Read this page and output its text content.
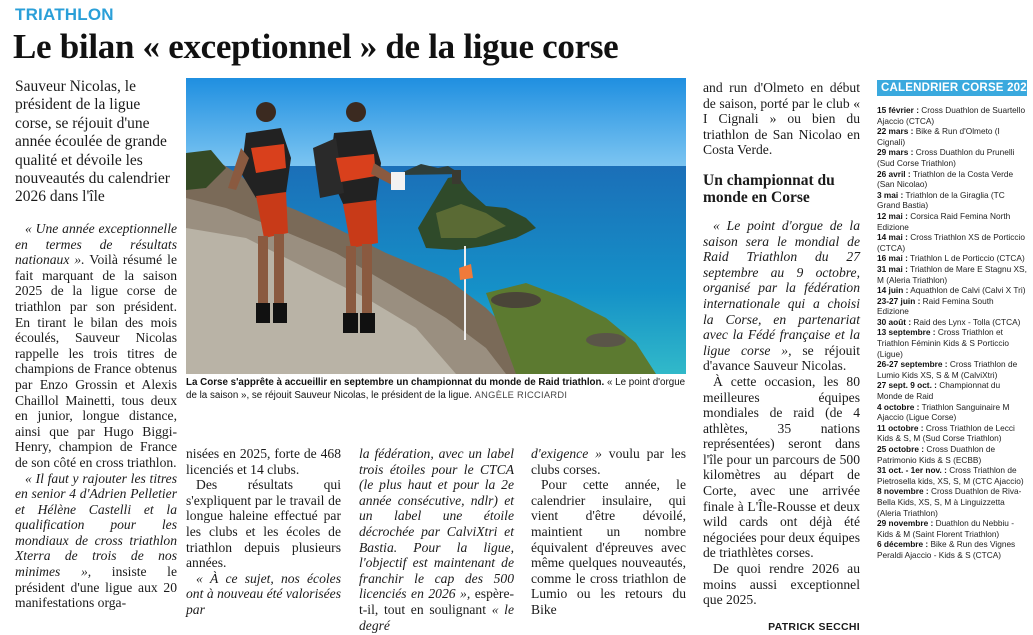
TRIATHLON
Le bilan « exceptionnel » de la ligue corse
Sauveur Nicolas, le président de la ligue corse, se réjouit d'une année écoulée de grande qualité et dévoile les nouveautés du calendrier 2026 dans l'île

« Une année exceptionnelle en termes de résultats nationaux ». Voilà résumé le fait marquant de la saison 2025 de la ligue corse de triathlon par son président. En tirant le bilan des mois écoulés, Sauveur Nicolas rappelle les trois titres de champions de France obtenus par Enzo Grossin et Alexis Chaillol Mainetti, tous deux en junior, longue distance, ainsi que par Hugo Biggi-Henry, champion de France de son côté en cross triathlon.

« Il faut y rajouter les titres en senior 4 d'Adrien Pelletier et Hélène Castelli et la qualification pour les mondiaux de cross triathlon Xterra de trois de nos minimes », insiste le président d'une ligue aux 20 manifestations orga-

La Corse s'apprête à accueillir en septembre un championnat du monde de Raid triathlon. « Le point d'orgue de la saison », se réjouit Sauveur Nicolas, le président de la ligue. ANGÈLE RICCIARDI

nisées en 2025, forte de 468 licenciés et 14 clubs.

Des résultats qui s'expliquent par le travail de longue haleine effectué par les clubs et les écoles de triathlon depuis plusieurs années.

« À ce sujet, nos écoles ont à nouveau été valorisées par

la fédération, avec un label trois étoiles pour le CTCA (le plus haut et pour la 2e année consécutive, ndlr) et un label une étoile décrochée par CalviXtri et Bastia. Pour la ligue, l'objectif est maintenant de franchir le cap des 500 licenciés en 2026 », espère-t-il, tout en soulignant « le degré

d'exigence » voulu par les clubs corses.

Pour cette année, le calendrier insulaire, qui vient d'être dévoilé, maintient un nombre équivalent d'épreuves avec même quelques nouveautés, comme le cross triathlon de Lumio ou les retours du Bike

and run d'Olmeto en début de saison, porté par le club « I Cignali » ou bien du triathlon de San Nicolao en Costa Verde.

Un championnat du monde en Corse

« Le point d'orgue de la saison sera le mondial de Raid Triathlon du 27 septembre au 9 octobre, organisé par la fédération internationale qui a choisi la Corse, en partenariat avec la Fédé française et la ligue corse », se réjouit d'avance Sauveur Nicolas.

À cette occasion, les 80 meilleures équipes mondiales de raid (de 4 athlètes, 35 nations représentées) seront dans l'île pour un parcours de 500 kilomètres au départ de Corte, avec une arrivée finale à L'Île-Rousse et deux wild cards ont déjà été négociées pour deux équipes de triathlètes corses.

De quoi rendre 2026 au moins aussi exceptionnel que 2025.

PATRICK SECCHI
CALENDRIER CORSE 2026
15 février : Cross Duathlon de Suartello Ajaccio (CTCA)
22 mars : Bike & Run d'Olmeto (I Cignali)
29 mars : Cross Duathlon du Prunelli (Sud Corse Triathlon)
26 avril : Triathlon de la Costa Verde (San Nicolao)
3 mai : Triathlon de la Giraglia (TC Grand Bastia)
12 mai : Corsica Raid Femina North Edizione
14 mai : Cross Triathlon XS de Porticcio (CTCA)
16 mai : Triathlon L de Porticcio (CTCA)
31 mai : Triathlon de Mare E Stagnu XS, M (Aleria Triathlon)
14 juin : Aquathlon de Calvi (Calvi X Tri)
23-27 juin : Raid Femina South Edizione
30 août : Raid des Lynx - Tolla (CTCA)
13 septembre : Cross Triathlon et Triathlon Féminin Kids & S Porticcio (Ligue)
26-27 septembre : Cross Triathlon de Lumio Kids XS, S & M (CalviXtri)
27 sept. 9 oct. : Championnat du Monde de Raid
4 octobre : Triathlon Sanguinaire M Ajaccio (Ligue Corse)
11 octobre : Cross Triathlon de Lecci Kids & S, M (Sud Corse Triathlon)
25 octobre : Cross Duathlon de Patrimonio Kids & S (ECBB)
31 oct. - 1er nov. : Cross Triathlon de Pietrosella kids, XS, S, M (CTC Ajaccio)
8 novembre : Cross Duathlon de Riva-Bella Kids, XS, S, M à Linguizzetta (Aleria Triathlon)
29 novembre : Duathlon du Nebbiu - Kids & M (Saint Florent Triathlon)
6 décembre : Bike & Run des Vignes Peraldi Ajaccio - Kids & S (CTCA)
